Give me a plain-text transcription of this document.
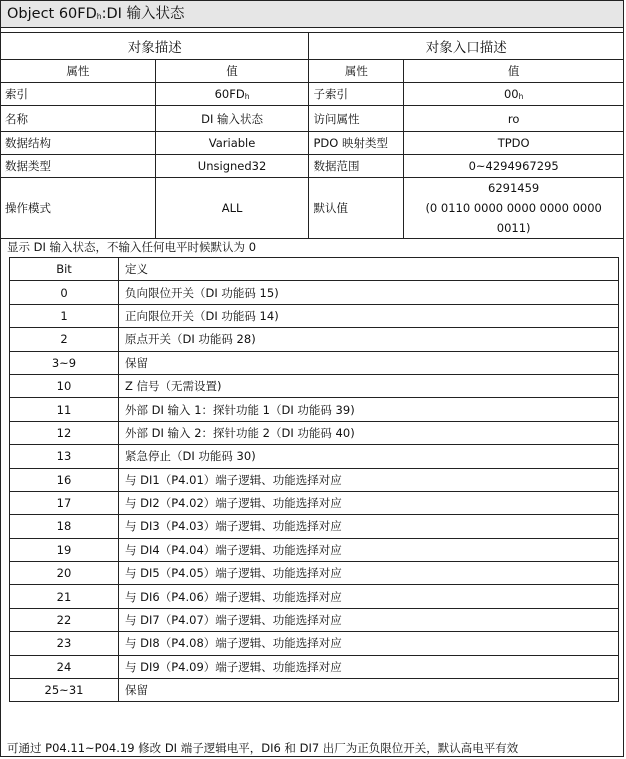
Object $60FD_h:DI$ 输入状态
对象描述		对象入口描述	
属性	值	属性	值
索引	$60FD_h$	子索引	$00_h$
名称	DI 输入状态	访问属性	ro
数据结构	Variable	PDO 映射类型	TPDO
数据类型	Unsigned32	数据范围	0~4294967295
操作模式	ALL	默认值	6291459
(0 0110 0000 0000 0000 0000 0011)
显示 DI 输入状态，不输入任何电平时候默认为 0
Bit	定义
0	负向限位开关（DI 功能码 15)
1	正向限位开关（DI 功能码 14)
2	原点开关（DI 功能码 28)
3~9	保留
10	Z 信号（无需设置)
11	外部 DI 输入 1：探针功能 1（DI 功能码 39)
12	外部 DI 输入 2：探针功能 2（DI 功能码 40)
13	紧急停止（DI 功能码 30)
16	与 DI1（P4.01）端子逻辑、功能选择对应
17	与 DI2（P4.02）端子逻辑、功能选择对应
18	与 DI3（P4.03）端子逻辑、功能选择对应
19	与 DI4（P4.04）端子逻辑、功能选择对应
20	与 DI5（P4.05）端子逻辑、功能选择对应
21	与 DI6（P4.06）端子逻辑、功能选择对应
22	与 DI7（P4.07）端子逻辑、功能选择对应
23	与 DI8（P4.08）端子逻辑、功能选择对应
24	与 DI9（P4.09）端子逻辑、功能选择对应
25~31	保留
可通过 P04.11~P04.19 修改 DI 端子逻辑电平，DI6 和 DI7 出厂为正负限位开关，默认高电平有效
